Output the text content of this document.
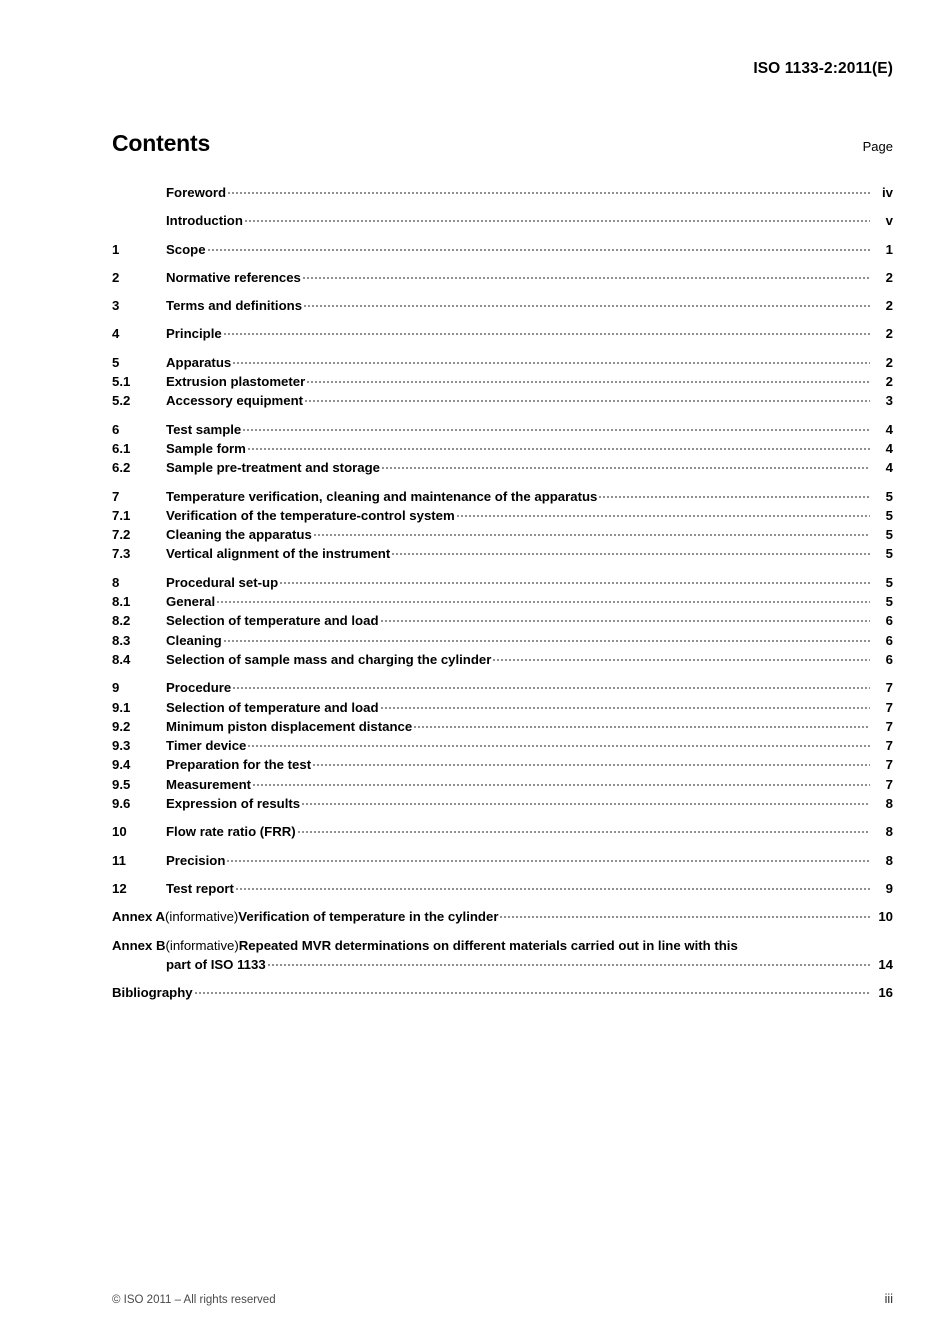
ISO 1133-2:2011(E)
Contents	Page
Foreword	iv
Introduction	v
1	Scope	1
2	Normative references	2
3	Terms and definitions	2
4	Principle	2
5	Apparatus	2
5.1	Extrusion plastometer	2
5.2	Accessory equipment	3
6	Test sample	4
6.1	Sample form	4
6.2	Sample pre-treatment and storage	4
7	Temperature verification, cleaning and maintenance of the apparatus	5
7.1	Verification of the temperature-control system	5
7.2	Cleaning the apparatus	5
7.3	Vertical alignment of the instrument	5
8	Procedural set-up	5
8.1	General	5
8.2	Selection of temperature and load	6
8.3	Cleaning	6
8.4	Selection of sample mass and charging the cylinder	6
9	Procedure	7
9.1	Selection of temperature and load	7
9.2	Minimum piston displacement distance	7
9.3	Timer device	7
9.4	Preparation for the test	7
9.5	Measurement	7
9.6	Expression of results	8
10	Flow rate ratio (FRR)	8
11	Precision	8
12	Test report	9
Annex A (informative) Verification of temperature in the cylinder	10
Annex B (informative) Repeated MVR determinations on different materials carried out in line with this
part of ISO 1133	14
Bibliography	16
© ISO 2011 – All rights reserved	iii
